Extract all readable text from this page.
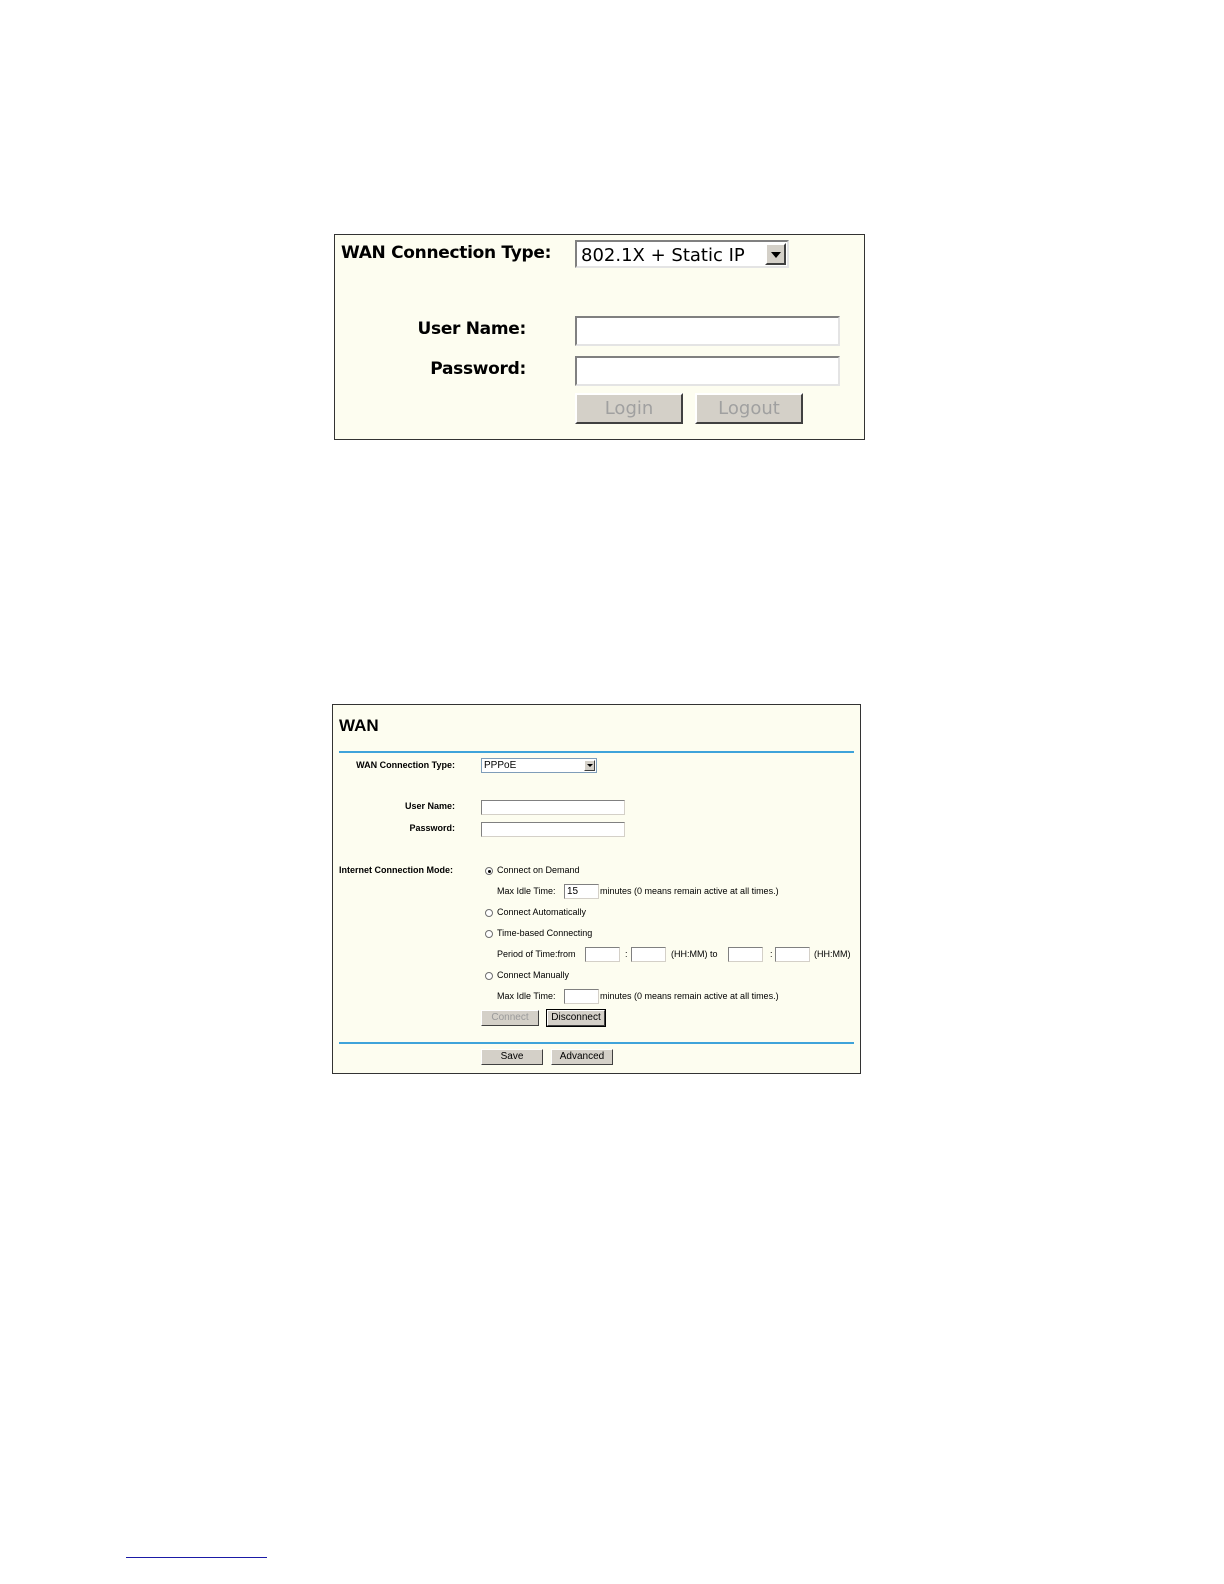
WAN Connection Type: 802.1X + Static IP
User Name:
Password:
Login	Logout
WAN
WAN Connection Type:	PPPoE
User Name:
Password:
Internet Connection Mode:	Connect on Demand
Max Idle Time:	15	minutes (0 means remain active at all times.)
Connect Automatically
Time-based Connecting
Period of Time:from	:	(HH:MM) to	:	(HH:MM)
Connect Manually
Max Idle Time:	minutes (0 means remain active at all times.)
Connect	Disconnect
Save	Advanced
